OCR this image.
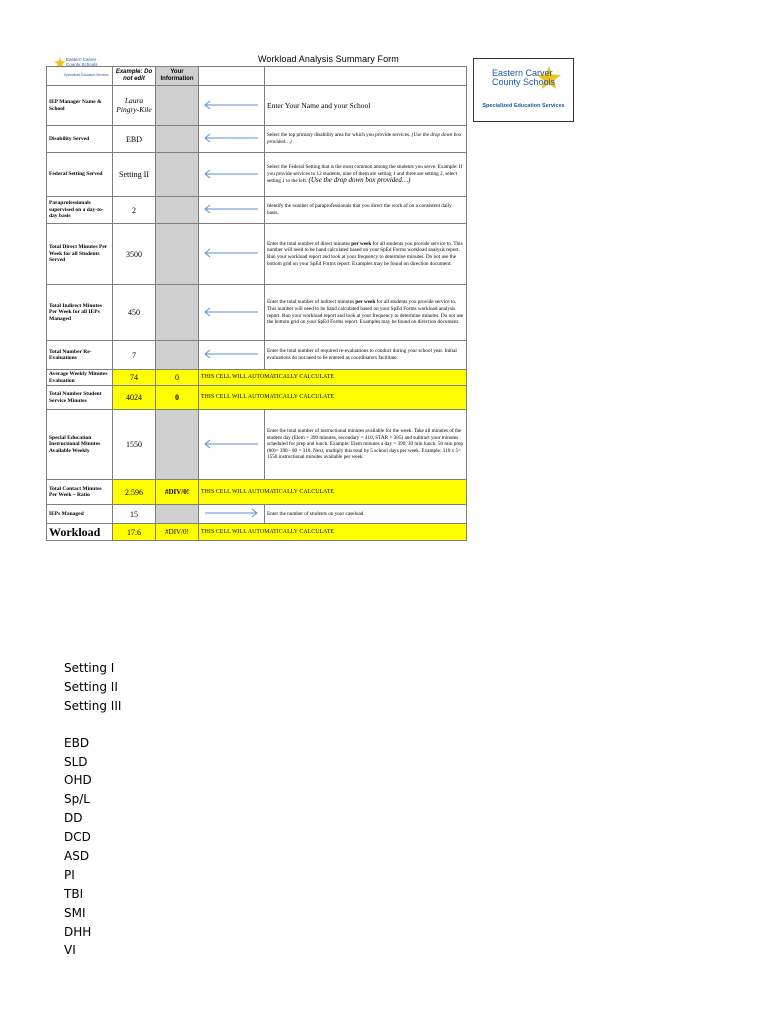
Eastern Carver
County Schools
Specialized Education Services
Workload Analysis Summary Form
Eastern Carver
County Schools
Specialized Education Services
	Example: Do not edit	Your Information		
IEP Manager Name & School	Laura Pingry-Kile			Enter Your Name and your School
Disability Served	EBD			Select the top primary disability area for which you provide services. (Use the drop down box provided…)
Federal Setting Served	Setting II			Select the Federal Setting that is the most common among the students you serve. Example: If you provide services to 12 students, nine of them are setting 1 and three are setting 2, select setting 1 to the left. (Use the drop down box provided…)
Paraprofessionals supervised on a day-to-day basis	2			Identify the number of paraprofessionals that you direct the work of on a consistent daily basis.
Total Direct Minutes Per Week for all Students Served	3500			Enter the total number of direct minutes per week for all students you provide service to. This number will need to be hand calculated based on your SpEd Forms workload analysis report. Run your workload report and look at your frequency to determine minutes. Do not use the bottom grid on your SpEd Forms report. Examples may be found on direction document.
Total Indirect Minutes Per Week for all IEPs Managed	450			Enter the total number of indirect minutes per week for all students you provide service to. This number will need to be hand calculated based on your SpEd Forms workload analysis report. Run your workload report and look at your frequency to determine minutes. Do not use the bottom grid on your SpEd Forms report. Examples may be found on direction document.
Total Number Re-Evaluations	7			Enter the total number of required re-evaluations to conduct during your school year. Initial evaluations do not need to be entered as coordinators facilitate.
Average Weekly Minutes Evaluation	74	0	THIS CELL WILL AUTOMATICALLY CALCULATE	
Total Number Student Service Minutes	4024	0	THIS CELL WILL AUTOMATICALLY CALCULATE	
Special Education Instructional Minutes Available Weekly	1550			Enter the total number of instructional minutes available for the week. Take all minutes of the student day (Elem = 390 minutes, secondary = 410, STAR = 385) and subtract your minutes scheduled for prep and lunch. Example: Elem minutes a day = 390, 30 min lunch, 50 min prep (80)= 390 - 80 = 310. Next, multiply this total by 5 school days per week. Example: 310 x 5= 1550 instructional minutes available per week.
Total Contact Minutes Per Week – Ratio	2.596	#DIV/0!	THIS CELL WILL AUTOMATICALLY CALCULATE	
IEPs Managed	15			Enter the number of students on your caseload
Workload	17.6	#DIV/0!	THIS CELL WILL AUTOMATICALLY CALCULATE	
Setting I
Setting II
Setting III
EBD
SLD
OHD
Sp/L
DD
DCD
ASD
PI
TBI
SMI
DHH
VI
